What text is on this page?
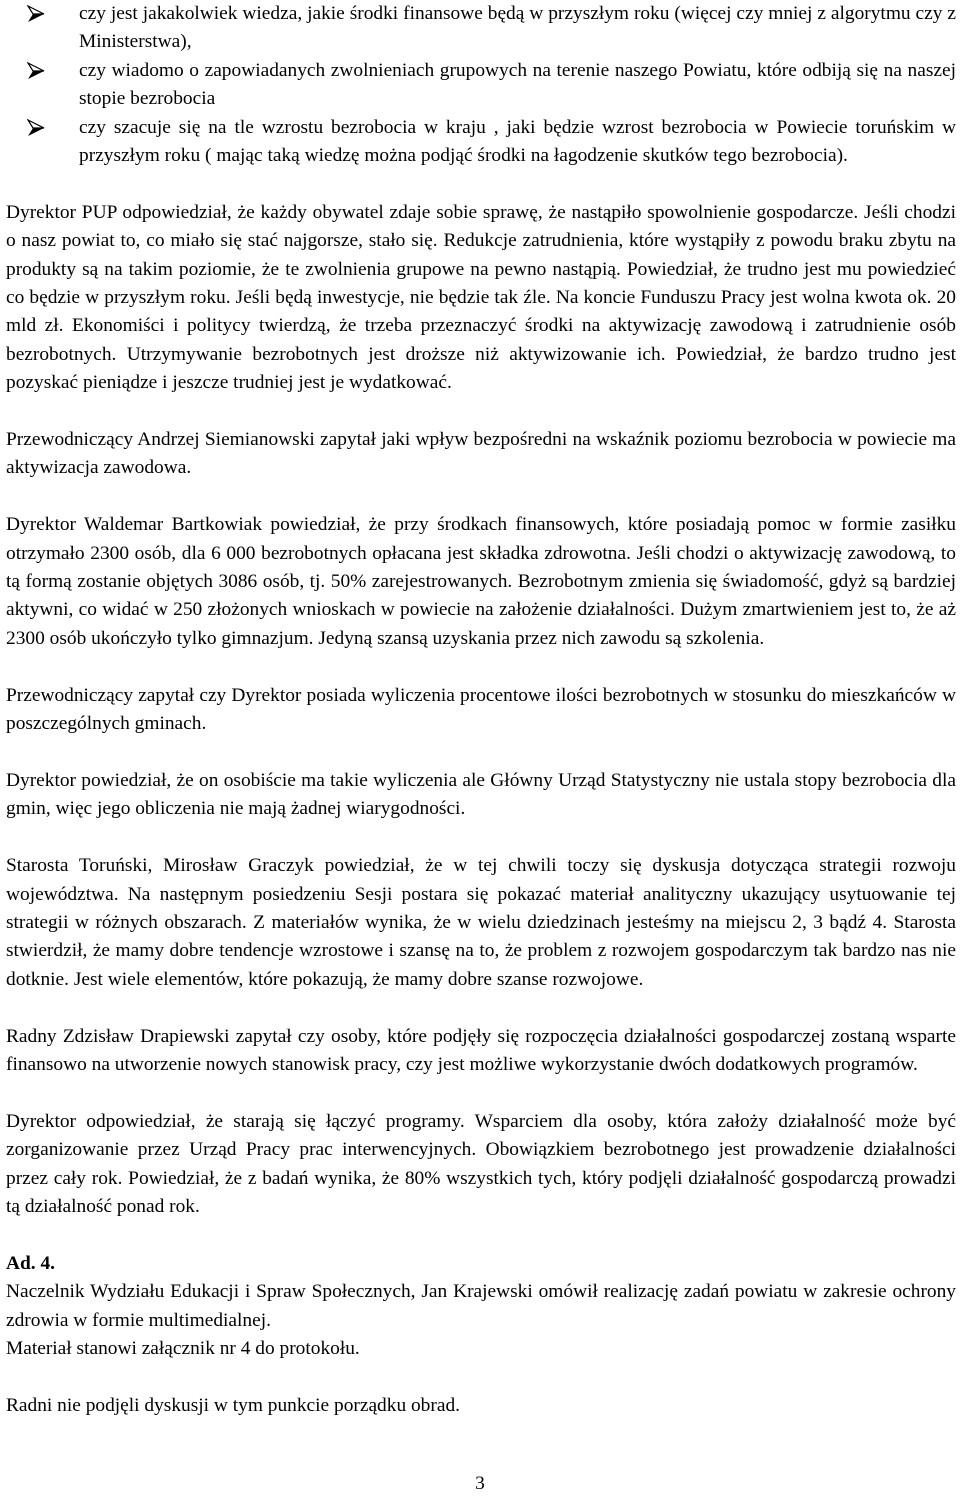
czy jest jakakolwiek wiedza, jakie środki finansowe będą w przyszłym roku (więcej czy mniej z algorytmu czy z Ministerstwa),
czy wiadomo o zapowiadanych zwolnieniach grupowych na terenie naszego Powiatu, które odbiją się na naszej stopie bezrobocia
czy szacuje się na tle wzrostu bezrobocia w kraju , jaki będzie wzrost bezrobocia w Powiecie toruńskim w przyszłym roku ( mając taką wiedzę można podjąć środki na łagodzenie skutków tego bezrobocia).

Dyrektor PUP odpowiedział, że każdy obywatel zdaje sobie sprawę, że nastąpiło spowolnienie gospodarcze. Jeśli chodzi o nasz powiat to, co miało się stać najgorsze, stało się. Redukcje zatrudnienia, które wystąpiły z powodu braku zbytu na produkty są na takim poziomie, że te zwolnienia grupowe na pewno nastąpią. Powiedział, że trudno jest mu powiedzieć co będzie w przyszłym roku. Jeśli będą inwestycje, nie będzie tak źle. Na koncie Funduszu Pracy jest wolna kwota ok. 20 mld zł. Ekonomiści i politycy twierdzą, że trzeba przeznaczyć środki na aktywizację zawodową i zatrudnienie osób bezrobotnych. Utrzymywanie bezrobotnych jest droższe niż aktywizowanie ich. Powiedział, że bardzo trudno jest pozyskać pieniądze i jeszcze trudniej jest je wydatkować.

Przewodniczący Andrzej Siemianowski zapytał jaki wpływ bezpośredni na wskaźnik poziomu bezrobocia w powiecie ma aktywizacja zawodowa.

Dyrektor Waldemar Bartkowiak powiedział, że przy środkach finansowych, które posiadają pomoc w formie zasiłku otrzymało 2300 osób, dla 6 000 bezrobotnych opłacana jest składka zdrowotna. Jeśli chodzi o aktywizację zawodową, to tą formą zostanie objętych 3086 osób, tj. 50% zarejestrowanych. Bezrobotnym zmienia się świadomość, gdyż są bardziej aktywni, co widać w 250 złożonych wnioskach w powiecie na założenie działalności. Dużym zmartwieniem jest to, że aż 2300 osób ukończyło tylko gimnazjum. Jedyną szansą uzyskania przez nich zawodu są szkolenia.

Przewodniczący zapytał czy Dyrektor posiada wyliczenia procentowe ilości bezrobotnych w stosunku do mieszkańców w poszczególnych gminach.

Dyrektor powiedział, że on osobiście ma takie wyliczenia ale Główny Urząd Statystyczny nie ustala stopy bezrobocia dla gmin, więc jego obliczenia nie mają żadnej wiarygodności.

Starosta Toruński, Mirosław Graczyk powiedział, że w tej chwili toczy się dyskusja dotycząca strategii rozwoju województwa. Na następnym posiedzeniu Sesji postara się pokazać materiał analityczny ukazujący usytuowanie tej strategii w różnych obszarach. Z materiałów wynika, że w wielu dziedzinach jesteśmy na miejscu 2, 3 bądź 4. Starosta stwierdził, że mamy dobre tendencje wzrostowe i szansę na to, że problem z rozwojem gospodarczym tak bardzo nas nie dotknie. Jest wiele elementów, które pokazują, że mamy dobre szanse rozwojowe.

Radny Zdzisław Drapiewski zapytał czy osoby, które podjęły się rozpoczęcia działalności gospodarczej zostaną wsparte finansowo na utworzenie nowych stanowisk pracy, czy jest możliwe wykorzystanie dwóch dodatkowych programów.

Dyrektor odpowiedział, że starają się łączyć programy. Wsparciem dla osoby, która założy działalność może być zorganizowanie przez Urząd Pracy prac interwencyjnych. Obowiązkiem bezrobotnego jest prowadzenie działalności przez cały rok. Powiedział, że z badań wynika, że 80% wszystkich tych, który podjęli działalność gospodarczą prowadzi tą działalność ponad rok.

Ad. 4.

Naczelnik Wydziału Edukacji i Spraw Społecznych, Jan Krajewski omówił realizację zadań powiatu w zakresie ochrony zdrowia w formie multimedialnej.

Materiał stanowi załącznik nr 4 do protokołu.

Radni nie podjęli dyskusji w tym punkcie porządku obrad.

3
